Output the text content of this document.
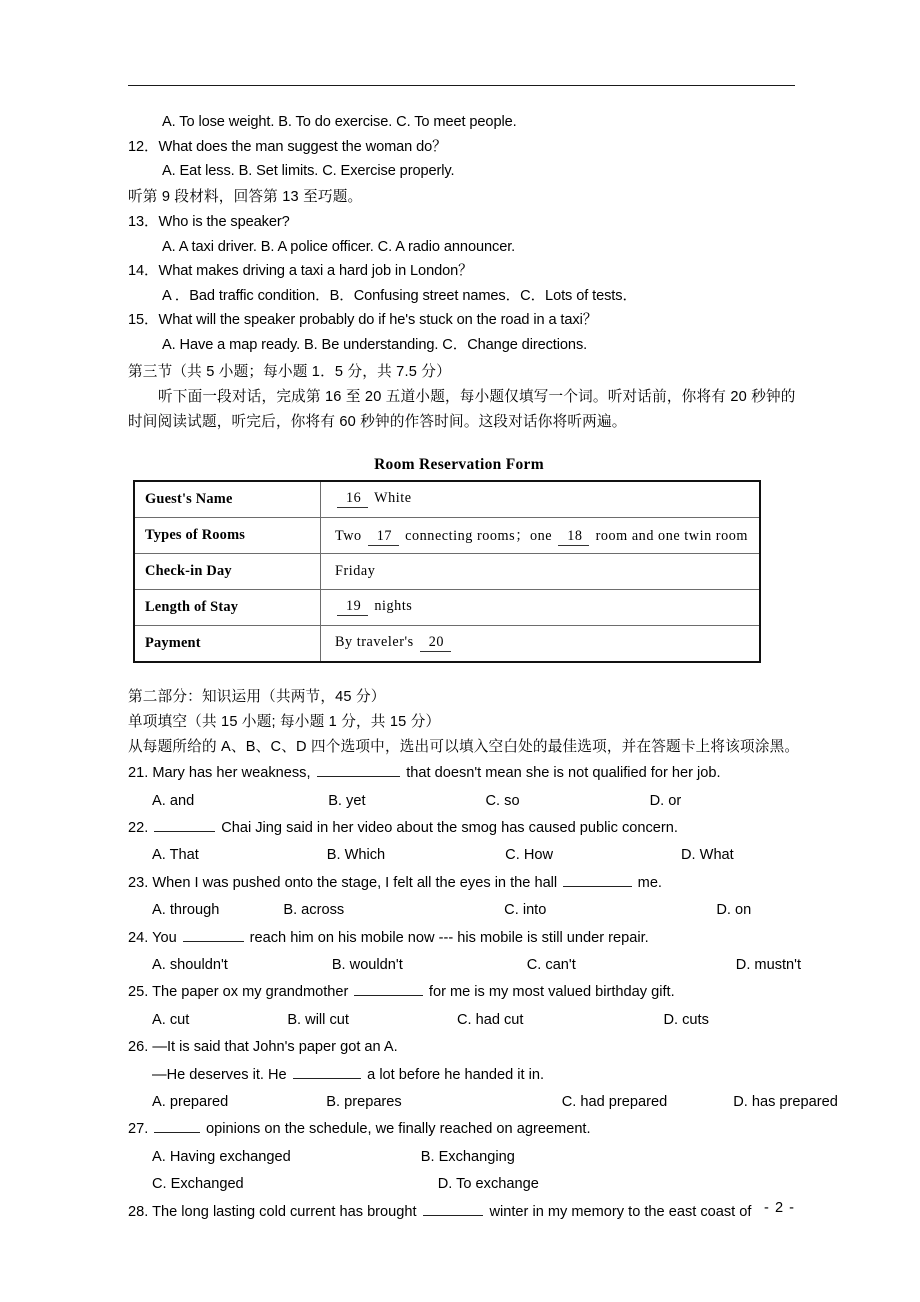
A. To lose weight. B. To do exercise. C. To meet people.
12．What does the man suggest the woman do？
A. Eat less. B. Set limits. C. Exercise properly.
听第 9 段材料，回答第 13 至巧题。
13．Who is the speaker?
A. A taxi driver. B. A police officer. C. A radio announcer.
14．What makes driving a taxi a hard job in London？
A ．Bad traffic condition．B．Confusing street names．C．Lots of tests．
15．What will the speaker probably do if he's stuck on the road in a taxi？
A. Have a map ready. B. Be understanding. C．Change directions.
第三节（共 5 小题；每小题 1．5 分，共 7.5 分）
听下面一段对话，完成第 16 至 20 五道小题，每小题仅填写一个词。听对话前，你将有 20 秒钟的时间阅读试题，听完后，你将有 60 秒钟的作答时间。这段对话你将听两遍。
Room Reservation Form
Guest's Name	16 White
Types of Rooms	Two 17 connecting rooms；one 18 room and one twin room
Check-in Day	Friday
Length of Stay	19 nights
Payment	By traveler's 20
第二部分：知识运用（共两节，45 分）
单项填空（共 15 小题; 每小题 1 分，共 15 分）
从每题所给的 A、B、C、D 四个选项中，选出可以填入空白处的最佳选项，并在答题卡上将该项涂黑。
21. Mary has her weakness,	that doesn't mean she is not qualified for her job.
A. and	B. yet	C. so	D. or
22.	Chai Jing said in her video about the smog has caused public concern.
A. That	B. Which	C. How	D. What
23. When I was pushed onto the stage, I felt all the eyes in the hall	me.
A. through	B. across	C. into	D. on
24. You	reach him on his mobile now --- his mobile is still under repair.
A. shouldn't	B. wouldn't	C. can't	D. mustn't
25. The paper ox my grandmother	for me is my most valued birthday gift.
A. cut	B. will cut	C. had cut	D. cuts
26. —It is said that John's paper got an A.
—He deserves it. He	a lot before he handed it in.
A. prepared	B. prepares	C. had prepared	D. has prepared
27.	opinions on the schedule, we finally reached on agreement.
A. Having exchanged	B. Exchanging
C. Exchanged	D. To exchange
28. The long lasting cold current has brought	winter in my memory to the east coast of - 2 -
